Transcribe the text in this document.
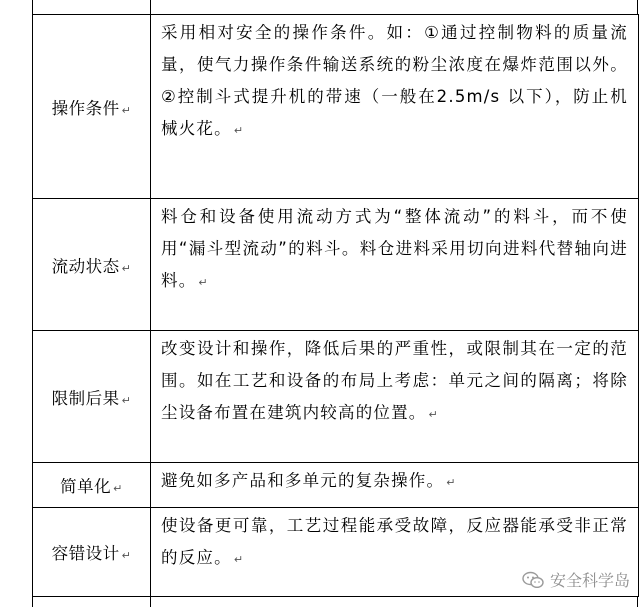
操作条件 ↵	采用相对安全的操作条件。如：①通过控制物料的质量流量，使气力操作条件输送系统的粉尘浓度在爆炸范围以外。②控制斗式提升机的带速（一般在2.5m/s 以下），防止机械火花。 ↵
流动状态 ↵	料仓和设备使用流动方式为“整体流动”的料斗，而不使用“漏斗型流动”的料斗。料仓进料采用切向进料代替轴向进料。 ↵
限制后果 ↵	改变设计和操作，降低后果的严重性，或限制其在一定的范围。如在工艺和设备的布局上考虑：单元之间的隔离；将除尘设备布置在建筑内较高的位置。 ↵
简单化 ↵	避免如多产品和多单元的复杂操作。 ↵
容错设计 ↵	使设备更可靠，工艺过程能承受故障，反应器能承受非正常的反应。 ↵
安全科学岛
